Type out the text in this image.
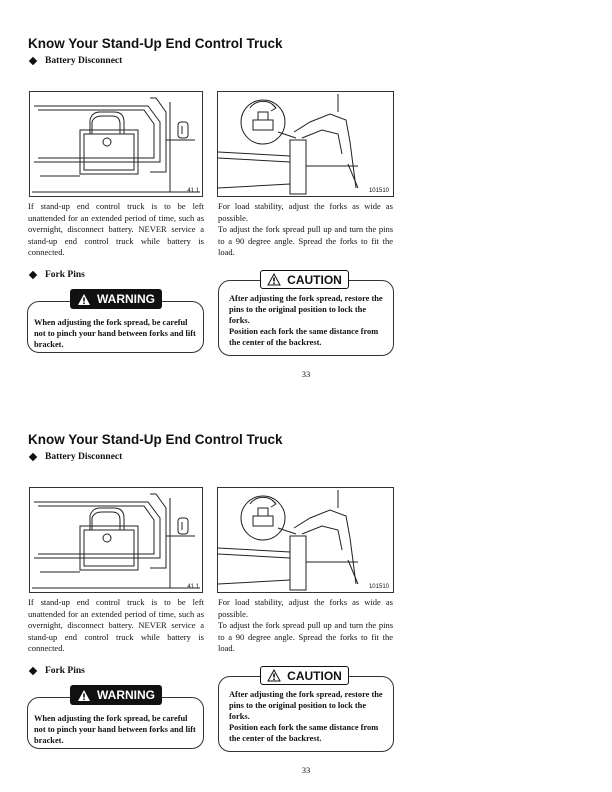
Know Your Stand-Up End Control Truck
Battery Disconnect
41 1	101510

If stand-up end control truck is to be left unattended for an extended period of time, such as overnight, disconnect battery. NEVER service a stand-up end control truck while battery is connected.

For load stability, adjust the forks as wide as possible.

To adjust the fork spread pull up and turn the pins to a 90 degree angle. Spread the forks to fit the load.

Fork Pins
When adjusting the fork spread, be careful not to pinch your hand between forks and lift bracket.
WARNING	After adjusting the fork spread, restore the pins to the original position to lock the forks.

Position each fork the same distance from the center of the backrest.

CAUTION
33
Know Your Stand-Up End Control Truck
Battery Disconnect
41 1	101510

If stand-up end control truck is to be left unattended for an extended period of time, such as overnight, disconnect battery. NEVER service a stand-up end control truck while battery is connected.

For load stability, adjust the forks as wide as possible.

To adjust the fork spread pull up and turn the pins to a 90 degree angle. Spread the forks to fit the load.

Fork Pins
When adjusting the fork spread, be careful not to pinch your hand between forks and lift bracket.
WARNING	After adjusting the fork spread, restore the pins to the original position to lock the forks.

Position each fork the same distance from the center of the backrest.

CAUTION
33
